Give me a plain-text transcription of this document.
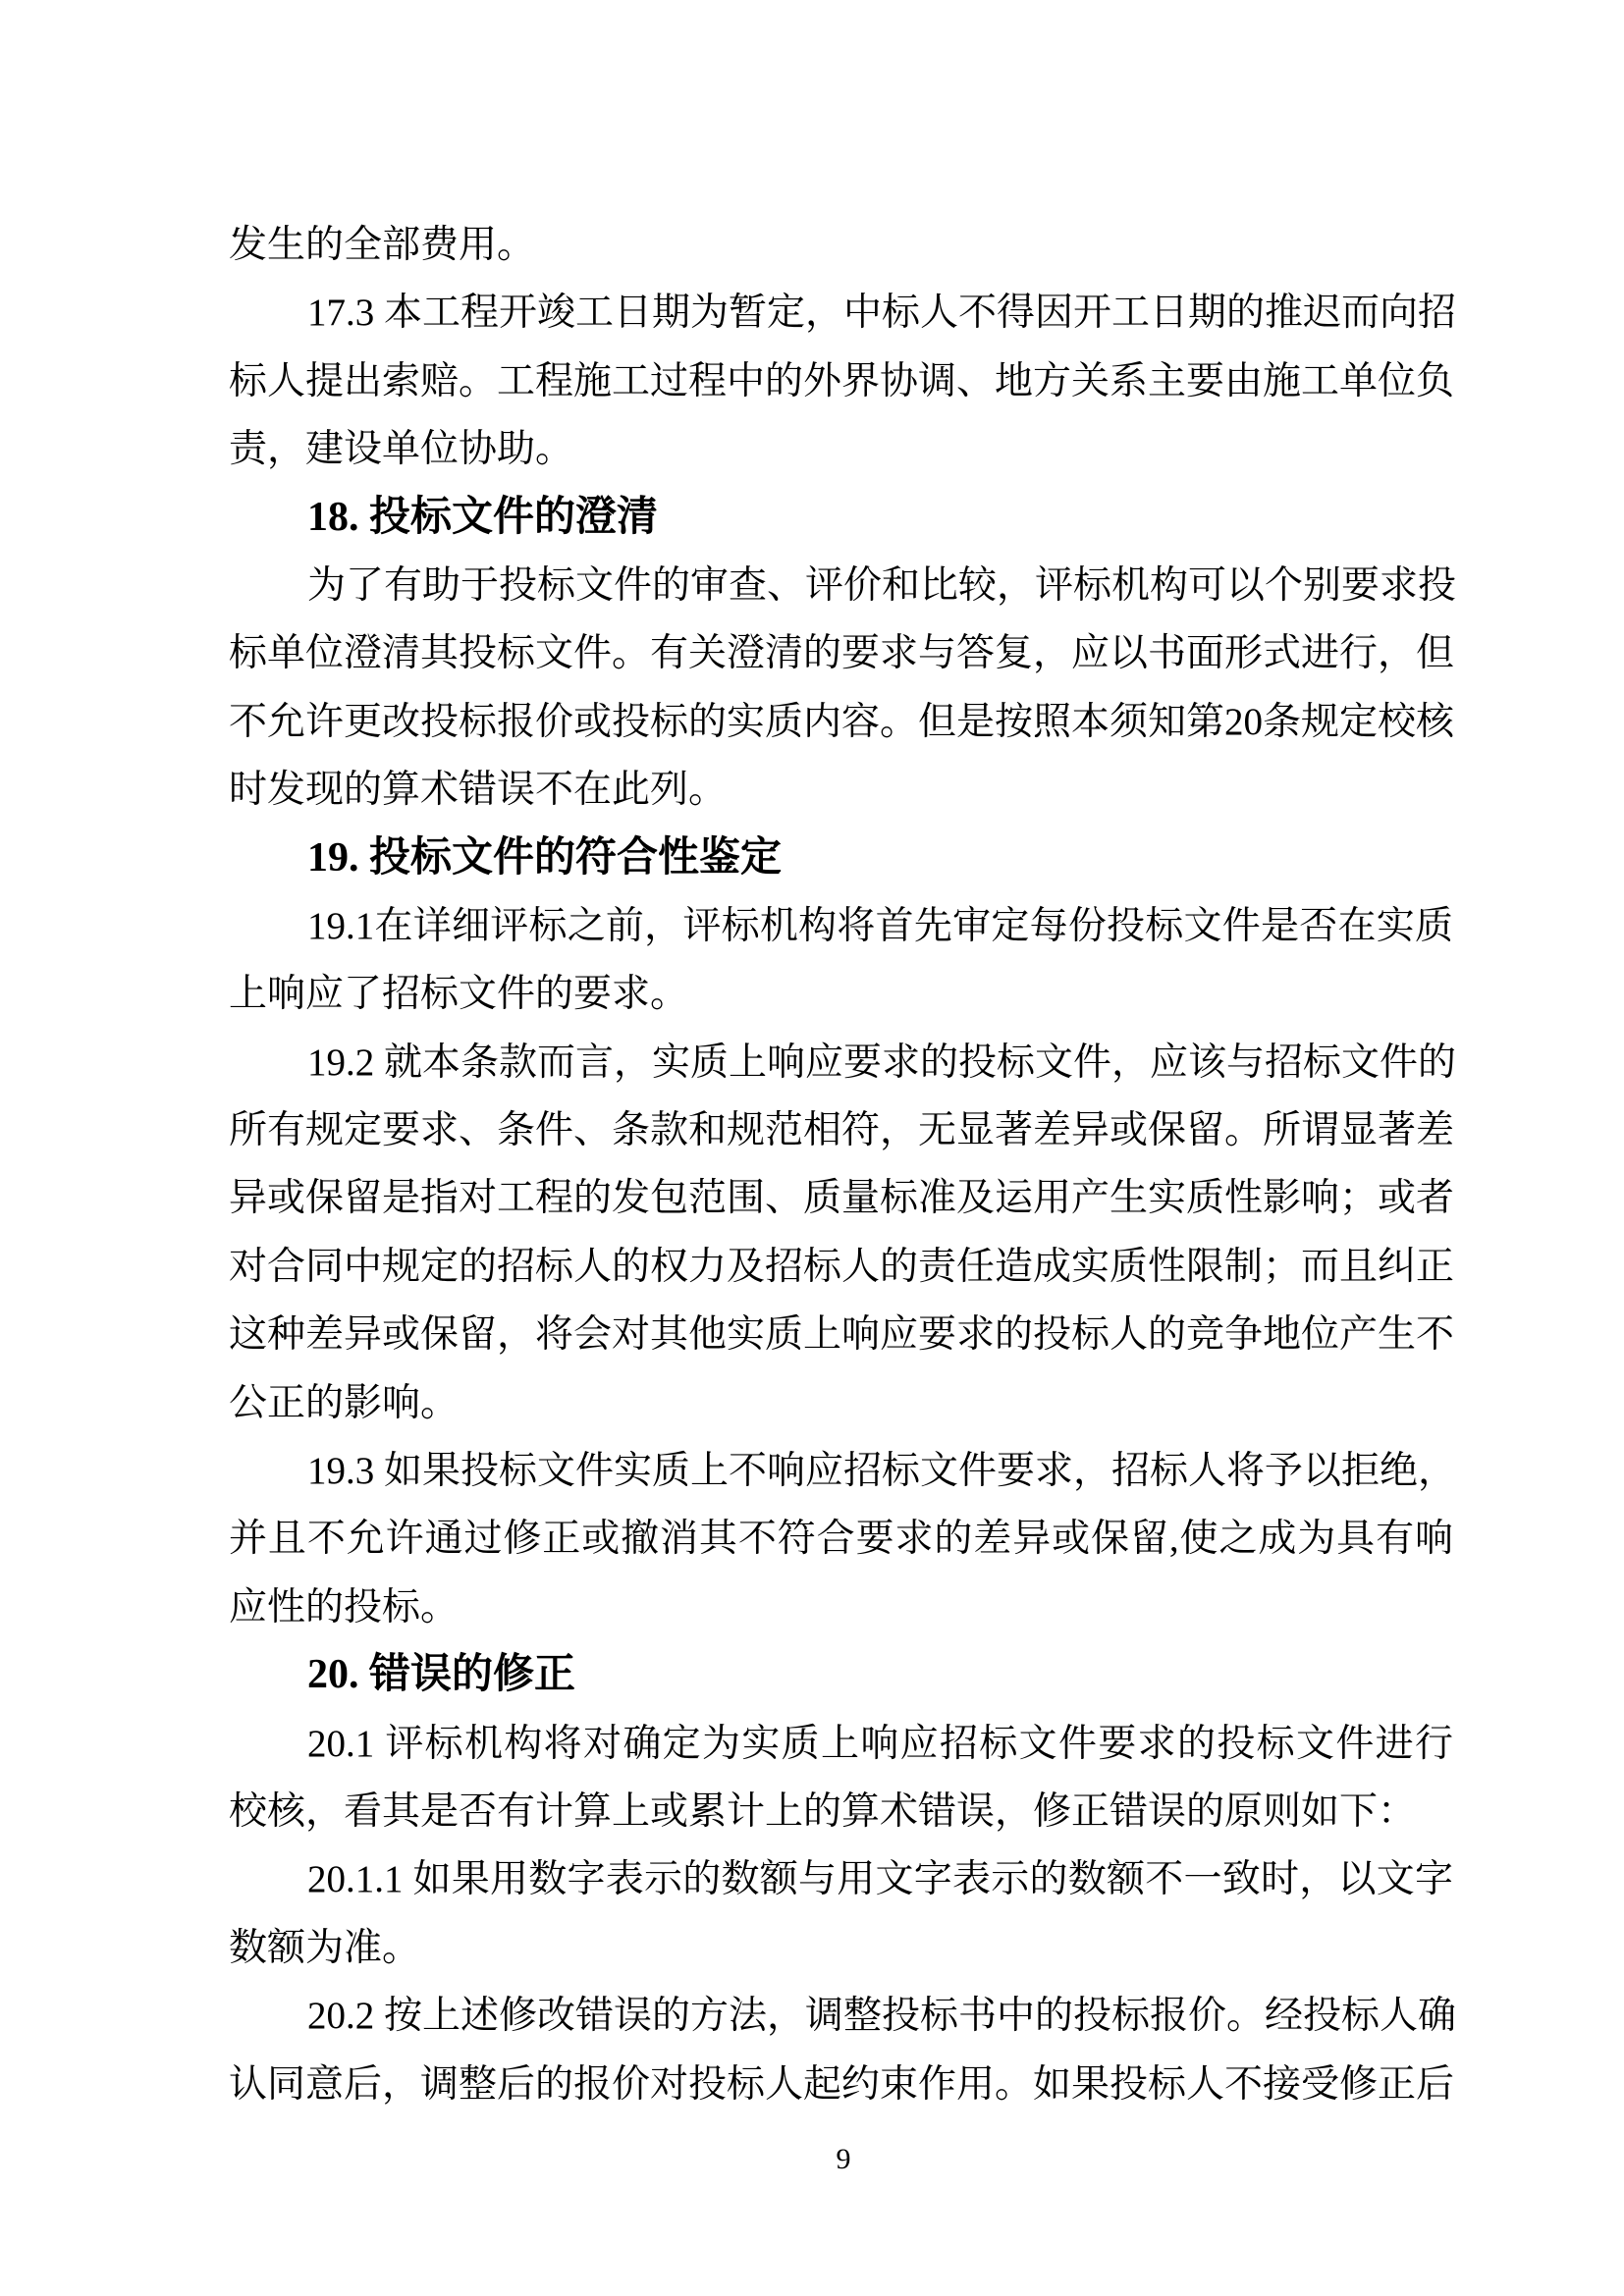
发生的全部费用。
17.3 本工程开竣工日期为暂定，中标人不得因开工日期的推迟而向招
标人提出索赔。工程施工过程中的外界协调、地方关系主要由施工单位负
责，建设单位协助。
18. 投标文件的澄清
为了有助于投标文件的审查、评价和比较，评标机构可以个别要求投
标单位澄清其投标文件。有关澄清的要求与答复，应以书面形式进行，但
不允许更改投标报价或投标的实质内容。但是按照本须知第20条规定校核
时发现的算术错误不在此列。
19. 投标文件的符合性鉴定
19.1在详细评标之前，评标机构将首先审定每份投标文件是否在实质
上响应了招标文件的要求。
19.2 就本条款而言，实质上响应要求的投标文件，应该与招标文件的
所有规定要求、条件、条款和规范相符，无显著差异或保留。所谓显著差
异或保留是指对工程的发包范围、质量标准及运用产生实质性影响；或者
对合同中规定的招标人的权力及招标人的责任造成实质性限制；而且纠正
这种差异或保留，将会对其他实质上响应要求的投标人的竞争地位产生不
公正的影响。
19.3 如果投标文件实质上不响应招标文件要求，招标人将予以拒绝，
并且不允许通过修正或撤消其不符合要求的差异或保留,使之成为具有响
应性的投标。
20. 错误的修正
20.1 评标机构将对确定为实质上响应招标文件要求的投标文件进行
校核，看其是否有计算上或累计上的算术错误，修正错误的原则如下：
20.1.1 如果用数字表示的数额与用文字表示的数额不一致时，以文字
数额为准。
20.2 按上述修改错误的方法，调整投标书中的投标报价。经投标人确
认同意后，调整后的报价对投标人起约束作用。如果投标人不接受修正后
9
